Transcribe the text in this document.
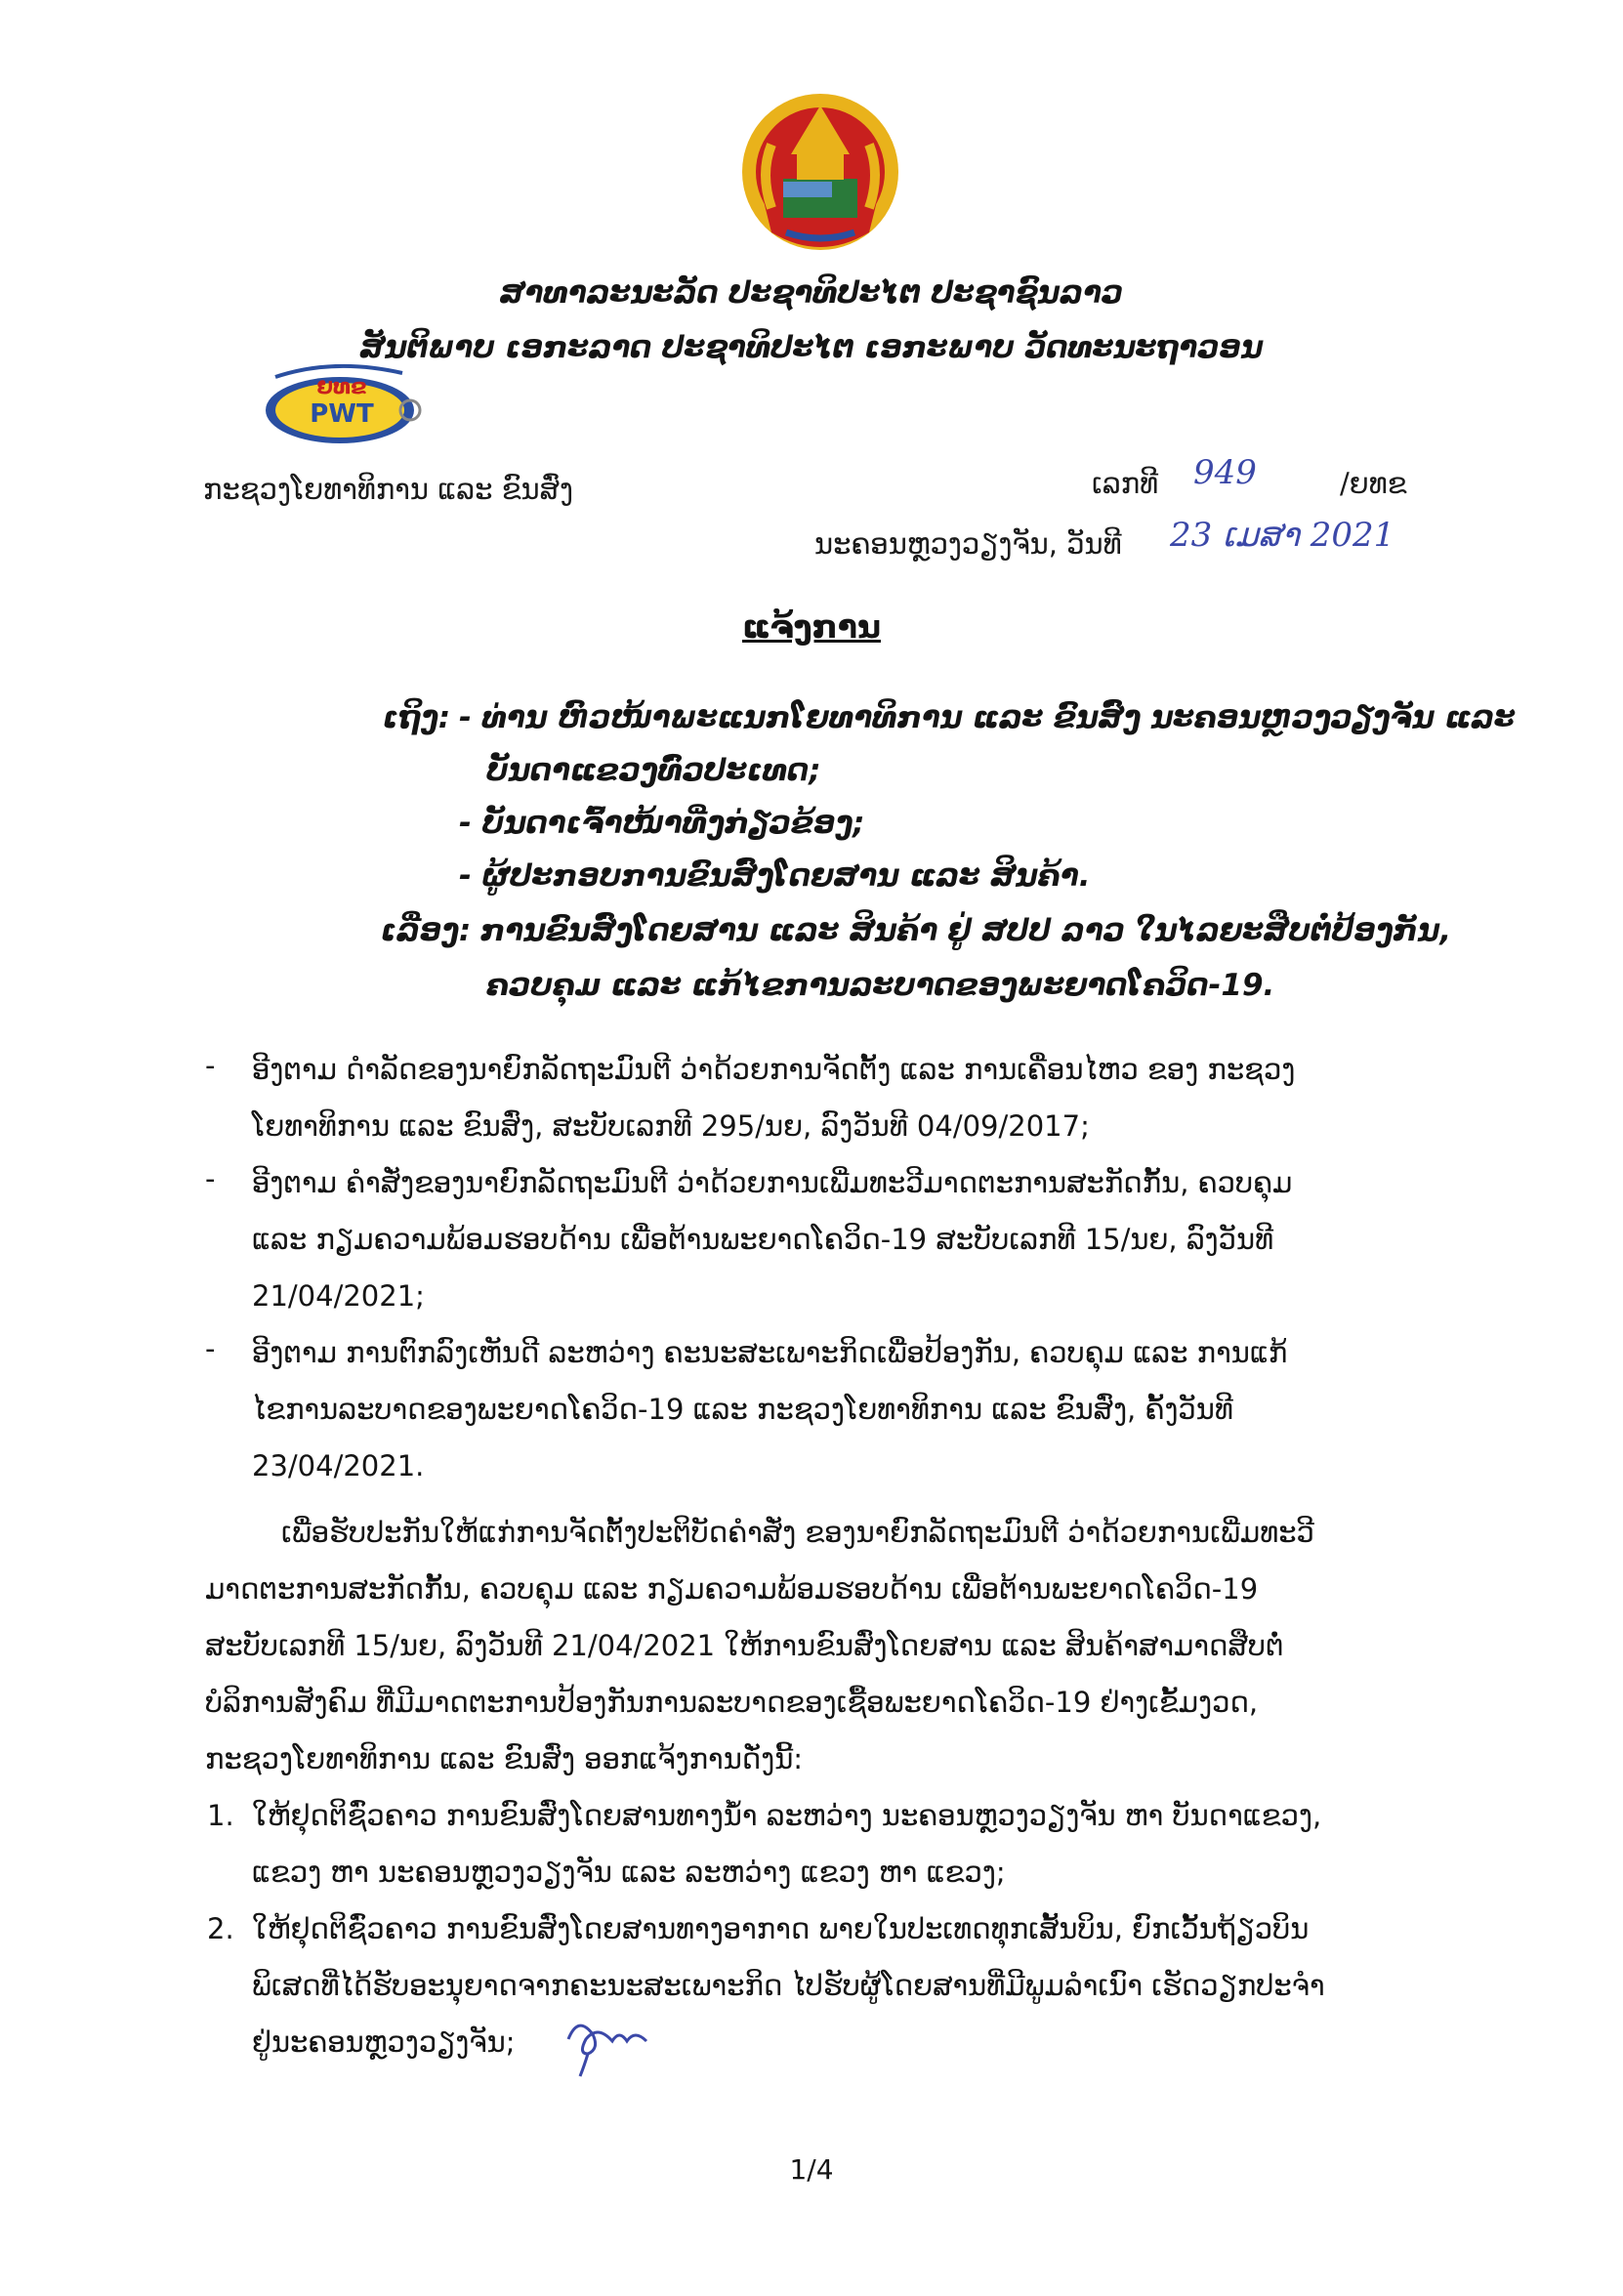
ສາທາລະນະລັດ ປະຊາທິປະໄຕ ປະຊາຊົນລາວ
ສັນຕິພາບ ເອກະລາດ ປະຊາທິປະໄຕ ເອກະພາບ ວັດທະນະຖາວອນ
ຍທຂ
PWT
ກະຊວງໂຍທາທິການ ແລະ ຂົນສົ່ງ	ເລກທີ 949	/ຍທຂ
ນະຄອນຫຼວງວຽງຈັນ, ວັນທີ 23 ເມສາ 2021
ແຈ້ງການ
ເຖິງ: - ທ່ານ ຫົວໜ້າພະແນກໂຍທາທິການ ແລະ ຂົນສົ່ງ ນະຄອນຫຼວງວຽງຈັນ ແລະ
ບັນດາແຂວງທົ່ວປະເທດ;
- ບັນດາເຈົ້າໜ້າທີ່ງກ່ຽວຂ້ອງ;
- ຜູ້ປະກອບການຂົນສົ່ງໂດຍສານ ແລະ ສິນຄ້າ.
ເລື່ອງ: ການຂົນສົ່ງໂດຍສານ ແລະ ສິນຄ້າ ຢູ່ ສປປ ລາວ ໃນໄລຍະສືບຕໍ່ປ້ອງກັນ,
ຄວບຄຸມ ແລະ ແກ້ໄຂການລະບາດຂອງພະຍາດໂຄວິດ-19.
- ອີງຕາມ ດໍາລັດຂອງນາຍົກລັດຖະມົນຕີ ວ່າດ້ວຍການຈັດຕັ້ງ ແລະ ການເຄື່ອນໄຫວ ຂອງ ກະຊວງ
ໂຍທາທິການ ແລະ ຂົນສົ່ງ, ສະບັບເລກທີ 295/ນຍ, ລົງວັນທີ 04/09/2017;
- ອີງຕາມ ຄໍາສັ່ງຂອງນາຍົກລັດຖະມົນຕີ ວ່າດ້ວຍການເພີ່ມທະວີມາດຕະການສະກັດກັ້ນ, ຄວບຄຸມ
ແລະ ກຽມຄວາມພ້ອມຮອບດ້ານ ເພື່ອຕ້ານພະຍາດໂຄວິດ-19 ສະບັບເລກທີ 15/ນຍ, ລົງວັນທີ
21/04/2021;
- ອີງຕາມ ການຕົກລົງເຫັນດີ ລະຫວ່າງ ຄະນະສະເພາະກິດເພື່ອປ້ອງກັນ, ຄວບຄຸມ ແລະ ການແກ້
ໄຂການລະບາດຂອງພະຍາດໂຄວິດ-19 ແລະ ກະຊວງໂຍທາທິການ ແລະ ຂົນສົ່ງ, ຄັ້ງວັນທີ
23/04/2021.
ເພື່ອຮັບປະກັນໃຫ້ແກ່ການຈັດຕັ້ງປະຕິບັດຄໍາສັ່ງ ຂອງນາຍົກລັດຖະມົນຕີ ວ່າດ້ວຍການເພີ່ມທະວີ
ມາດຕະການສະກັດກັ້ນ, ຄວບຄຸມ ແລະ ກຽມຄວາມພ້ອມຮອບດ້ານ ເພື່ອຕ້ານພະຍາດໂຄວິດ-19
ສະບັບເລກທີ 15/ນຍ, ລົງວັນທີ 21/04/2021 ໃຫ້ການຂົນສົ່ງໂດຍສານ ແລະ ສິນຄ້າສາມາດສືບຕໍ່
ບໍລິການສັງຄົມ ທີ່ມີມາດຕະການປ້ອງກັນການລະບາດຂອງເຊື້ອພະຍາດໂຄວິດ-19 ຢ່າງເຂັ້ມງວດ,
ກະຊວງໂຍທາທິການ ແລະ ຂົນສົ່ງ ອອກແຈ້ງການດັ່ງນີ້:
1. ໃຫ້ຢຸດຕິຊົ່ວຄາວ ການຂົນສົ່ງໂດຍສານທາງນໍ້າ ລະຫວ່າງ ນະຄອນຫຼວງວຽງຈັນ ຫາ ບັນດາແຂວງ,
ແຂວງ ຫາ ນະຄອນຫຼວງວຽງຈັນ ແລະ ລະຫວ່າງ ແຂວງ ຫາ ແຂວງ;
2. ໃຫ້ຢຸດຕິຊົ່ວຄາວ ການຂົນສົ່ງໂດຍສານທາງອາກາດ ພາຍໃນປະເທດທຸກເສັ້ນບິນ, ຍົກເວັ້ນຖ້ຽວບິນ
ພິເສດທີ່ໄດ້ຮັບອະນຸຍາດຈາກຄະນະສະເພາະກິດ ໄປຮັບຜູ້ໂດຍສານທີ່ມີພູມລໍາເນົາ ເຮັດວຽກປະຈໍາ
ຢູ່ນະຄອນຫຼວງວຽງຈັນ;
1/4
